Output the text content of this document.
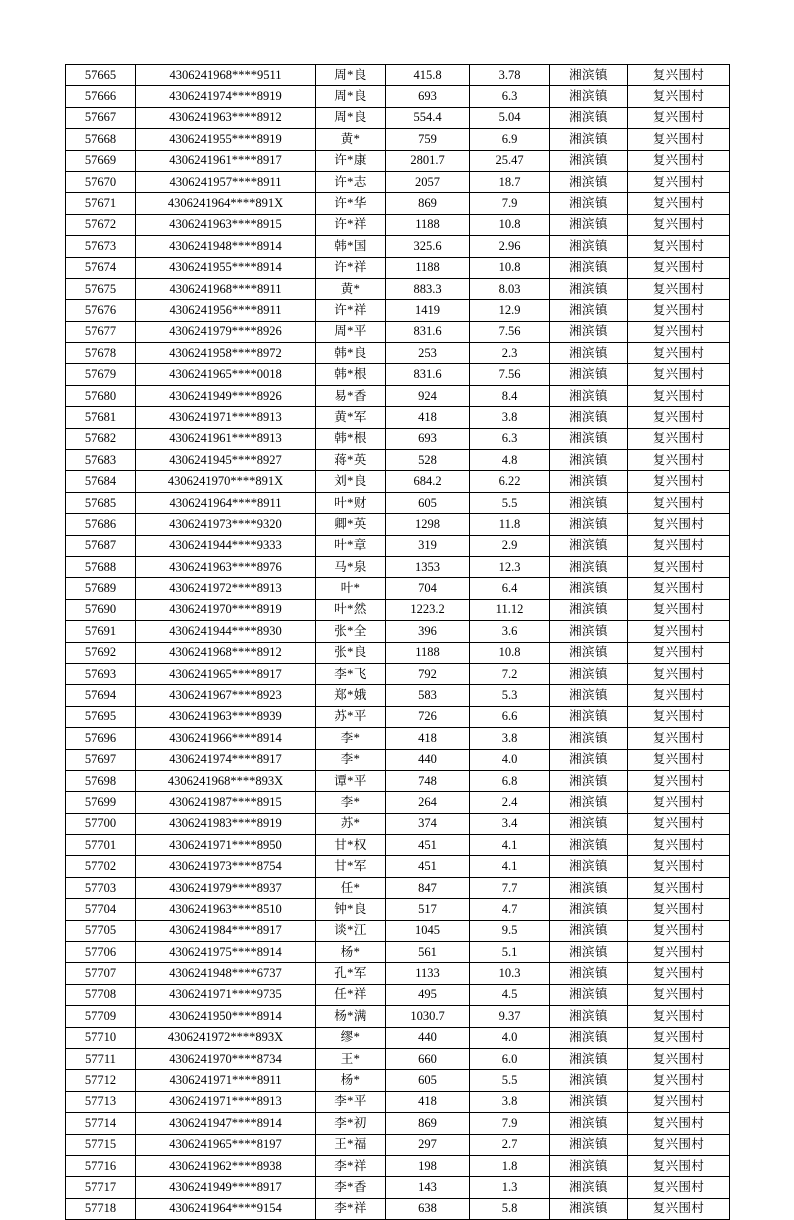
57665	4306241968****9511	周*良	415.8	3.78	湘滨镇	复兴围村
57666	4306241974****8919	周*良	693	6.3	湘滨镇	复兴围村
57667	4306241963****8912	周*良	554.4	5.04	湘滨镇	复兴围村
57668	4306241955****8919	黄*	759	6.9	湘滨镇	复兴围村
57669	4306241961****8917	许*康	2801.7	25.47	湘滨镇	复兴围村
57670	4306241957****8911	许*志	2057	18.7	湘滨镇	复兴围村
57671	4306241964****891X	许*华	869	7.9	湘滨镇	复兴围村
57672	4306241963****8915	许*祥	1188	10.8	湘滨镇	复兴围村
57673	4306241948****8914	韩*国	325.6	2.96	湘滨镇	复兴围村
57674	4306241955****8914	许*祥	1188	10.8	湘滨镇	复兴围村
57675	4306241968****8911	黄*	883.3	8.03	湘滨镇	复兴围村
57676	4306241956****8911	许*祥	1419	12.9	湘滨镇	复兴围村
57677	4306241979****8926	周*平	831.6	7.56	湘滨镇	复兴围村
57678	4306241958****8972	韩*良	253	2.3	湘滨镇	复兴围村
57679	4306241965****0018	韩*根	831.6	7.56	湘滨镇	复兴围村
57680	4306241949****8926	易*香	924	8.4	湘滨镇	复兴围村
57681	4306241971****8913	黄*军	418	3.8	湘滨镇	复兴围村
57682	4306241961****8913	韩*根	693	6.3	湘滨镇	复兴围村
57683	4306241945****8927	蒋*英	528	4.8	湘滨镇	复兴围村
57684	4306241970****891X	刘*良	684.2	6.22	湘滨镇	复兴围村
57685	4306241964****8911	叶*财	605	5.5	湘滨镇	复兴围村
57686	4306241973****9320	卿*英	1298	11.8	湘滨镇	复兴围村
57687	4306241944****9333	叶*章	319	2.9	湘滨镇	复兴围村
57688	4306241963****8976	马*泉	1353	12.3	湘滨镇	复兴围村
57689	4306241972****8913	叶*	704	6.4	湘滨镇	复兴围村
57690	4306241970****8919	叶*然	1223.2	11.12	湘滨镇	复兴围村
57691	4306241944****8930	张*全	396	3.6	湘滨镇	复兴围村
57692	4306241968****8912	张*良	1188	10.8	湘滨镇	复兴围村
57693	4306241965****8917	李*飞	792	7.2	湘滨镇	复兴围村
57694	4306241967****8923	郑*娥	583	5.3	湘滨镇	复兴围村
57695	4306241963****8939	苏*平	726	6.6	湘滨镇	复兴围村
57696	4306241966****8914	李*	418	3.8	湘滨镇	复兴围村
57697	4306241974****8917	李*	440	4.0	湘滨镇	复兴围村
57698	4306241968****893X	谭*平	748	6.8	湘滨镇	复兴围村
57699	4306241987****8915	李*	264	2.4	湘滨镇	复兴围村
57700	4306241983****8919	苏*	374	3.4	湘滨镇	复兴围村
57701	4306241971****8950	甘*权	451	4.1	湘滨镇	复兴围村
57702	4306241973****8754	甘*军	451	4.1	湘滨镇	复兴围村
57703	4306241979****8937	任*	847	7.7	湘滨镇	复兴围村
57704	4306241963****8510	钟*良	517	4.7	湘滨镇	复兴围村
57705	4306241984****8917	谈*江	1045	9.5	湘滨镇	复兴围村
57706	4306241975****8914	杨*	561	5.1	湘滨镇	复兴围村
57707	4306241948****6737	孔*军	1133	10.3	湘滨镇	复兴围村
57708	4306241971****9735	任*祥	495	4.5	湘滨镇	复兴围村
57709	4306241950****8914	杨*满	1030.7	9.37	湘滨镇	复兴围村
57710	4306241972****893X	缪*	440	4.0	湘滨镇	复兴围村
57711	4306241970****8734	王*	660	6.0	湘滨镇	复兴围村
57712	4306241971****8911	杨*	605	5.5	湘滨镇	复兴围村
57713	4306241971****8913	李*平	418	3.8	湘滨镇	复兴围村
57714	4306241947****8914	李*初	869	7.9	湘滨镇	复兴围村
57715	4306241965****8197	王*福	297	2.7	湘滨镇	复兴围村
57716	4306241962****8938	李*祥	198	1.8	湘滨镇	复兴围村
57717	4306241949****8917	李*香	143	1.3	湘滨镇	复兴围村
57718	4306241964****9154	李*祥	638	5.8	湘滨镇	复兴围村
